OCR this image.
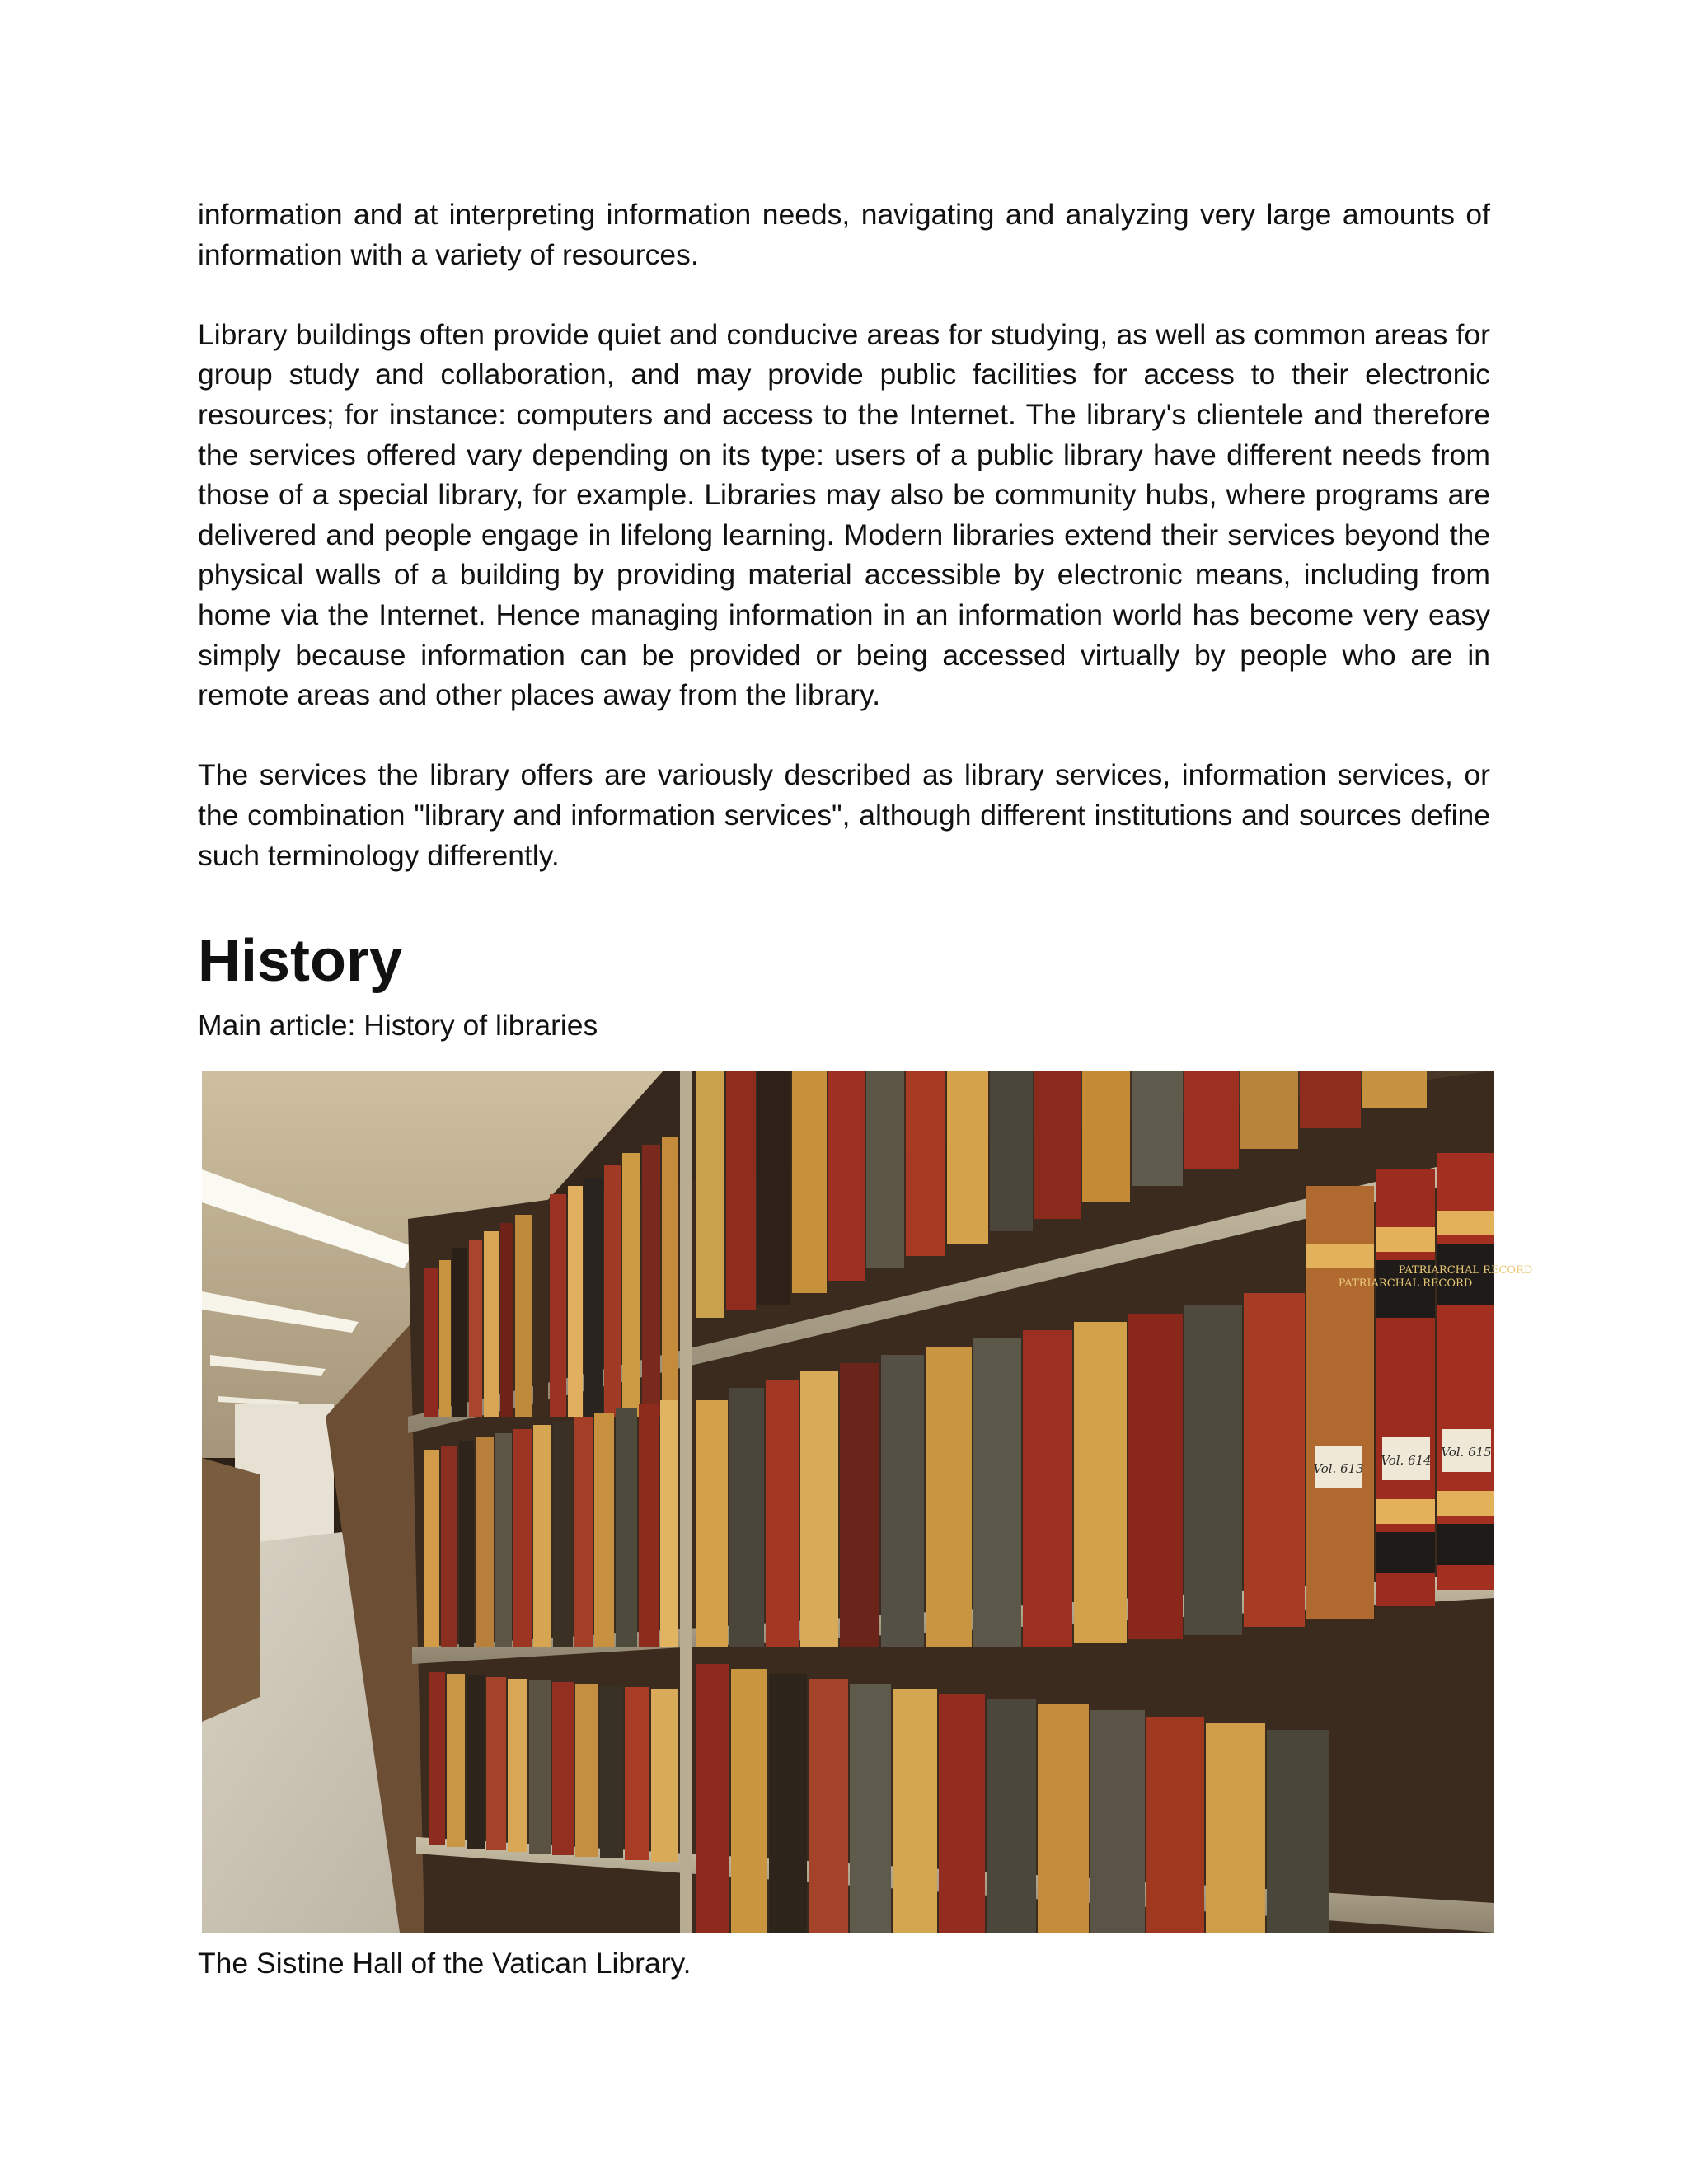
information and at interpreting information needs, navigating and analyzing very large amounts of information with a variety of resources.

Library buildings often provide quiet and conducive areas for studying, as well as common areas for group study and collaboration, and may provide public facilities for access to their electronic resources; for instance: computers and access to the Internet. The library's clientele and therefore the services offered vary depending on its type: users of a public library have different needs from those of a special library, for example. Libraries may also be community hubs, where programs are delivered and people engage in lifelong learning. Modern libraries extend their services beyond the physical walls of a building by providing material accessible by electronic means, including from home via the Internet. Hence managing information in an information world has become very easy simply because information can be provided or being accessed virtually by people who are in remote areas and other places away from the library.

The services the library offers are variously described as library services, information services, or the combination "library and information services", although different institutions and sources define such terminology differently.

History

Main article: History of libraries

PATRIARCHAL RECORD
PATRIARCHAL RECORD
Vol. 613
Vol. 614
Vol. 615

The Sistine Hall of the Vatican Library.
